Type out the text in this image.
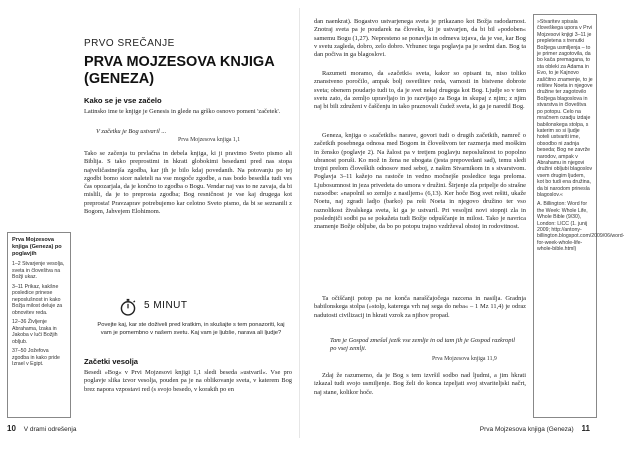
PRVO SREČANJE
PRVA MOJZESOVA KNJIGA (GENEZA)
Kako se je vse začelo

Latinsko ime te knjige je Genesis in glede na grško osnovo pomeni 'začetek'.

V začetku je Bog ustvaril ...
Prva Mojzesova knjiga 1,1

Tako se začenja tu prvlačna in debela knjiga, ki ji pravimo Sveto pismo ali Biblija. S tako preprostimi in hkrati globokimi besedami pred nas stopa najveličastnejša zgodba, kar jih je bilo kdaj povedanih. Na potovanju po tej zgodbi bomo sicer naleteli na vse mogoče zgodbe, a nas bodo besedila tudi ves čas opozarjala, da je končno to zgodba o Bogu. Vendar naj vas to ne zavaja, da bi mislili, da je to preprosta zgodba; Bog resničnost je vse kaj drugega kot preprosta! Pravzaprav potrebujemo kar celotno Sveto pismo, da bi se seznanili z Bogom, Jahvejem Elohimom.

5 MINUT
Povejte kaj, kar ste doživeli pred kratkim, in skušajte s tem ponazoriti, kaj vam je pomembno v našem svetu. Kaj vam je ljubše, narava ali ljudje?
Začetki vesolja

Besedi »Bog« v Prvi Mojzesovi knjigi 1,1 sledi beseda »ustvaril«. Vse pro poglavje slika izvor vesolja, pouden pa je na oblikovanje sveta, v katerem Bog brez napora vzpostavi red (s svojo besedo, v korakih po en

Prva Mojzesova knjiga (Geneza) po poglavjih

1–2 Stvarjenje vesolja, sveta in človeštva na Božji ukaz.

3–11 Prikaz, kakšne posledice prinese neposlušnost in kako Božja milost deluje za obnovitev reda.

12–36 Življenje Abrahama, Izaka in Jakoba v luči Božjih obljub.

37–50 Jožefova zgodba in kako pride Izrael v Egipt.

10 V drami odrešenja

dan naenkrat). Bogastvo ustvarjenega sveta je prikazano kot Božja radodarnost. Znotraj sveta pa je poudarek na človeku, ki je ustvarjen, da bi bil »podoben« samemu Bogu (1,27). Nepresteno se ponavlja in odmeva izjava, da je vse, kar Bog v svetu zagleda, dobro, zelo dobro. Vrhunec tega poglavja pa je sedmi dan. Bog ta dan počiva in ga blagoslovi.

Razumeti moramo, da »začetki« sveta, kakor so opisani tu, niso toliko znanstveno poročilo, ampak bolj osvetlitev reda, varnosti in bistvene dobrote sveta; obenem poudarjo tudi to, da je svet nekaj drugega kot Bog. Ljudje so v tem svetu zato, da zemljo upravljajo in jo razvijajo za Boga in skupaj z njim; z njim naj bi bili združeni v čaščenju in tako praznovali čudež sveta, ki ga je naredil Bog.

Geneza, knjiga o »začetkih« narave, govori tudi o drugih začetkih, namreč o začetkih posebnega odnosa med Bogom in človeštvom ter razmerja med moškim in žensko (poglavje 2). Na žalost pa v tretjem poglavju neposlušnost to popolno ubranost poruši. Ko mož in žena ne ubogata (jesta prepovedani sad), temu sledi trojni prelom človeških odnosov med seboj, z našim Stvarnikom in s stvarstvom. Poglavja 3–11 kažejo na rastoče in vedno močnejše posledice tega preloma. Ljubosumnost in jeza privedeta do umora v družini. Širjenje zla pripelje do strašne razsodbe: »napolnil so zemljo z nasiljem« (6,13). Ker hoče Bog svet rešiti, ukaže Noetu, naj zgradi ladjo (barko) pa reši Noeta in njegovo družino ter vso raznolikost živalskega sveta, ki ga je ustvaril. Pri vesoljni novi stopnji zla in poslednjiči sodbi pa se pokažeta tudi Božje odpuščanje in milost. Tako je navrica znamenje Božje obljube, da bo po potopu trajno vzdrževal obstoj in rodovitnost.

Ta očiščanji potop pa ne konča naraščajočega razcena in nasilja. Gradnja babilonskega stolpa (»stolp, katerega vrh naj sega do neba« – 1 Mz 11,4) je odraz nadutosti civilizacij in hkrati vzrok za njihov propad.

Tam je Gospod zmešal jezik vse zemlje in od tam jih je Gospod razkropil po vsej zemlji.
Prva Mojzesova knjiga 11,9

Zdaj že razumemo, da je Bog s tem izvršil sodbo nad ljudmi, a jim hkrati izkazal tudi svojo usmiljenje. Bog želi do konca izpeljati svoj stvariteljski načrt, naj stane, kolikor hoče.

Prva Mojzesova knjiga (Geneza) 11

»Stvaritev spisala človeškega upora v Prvi Mojzesovi knjigi 3–11 je prepletena s trenutki Božjega usmiljenja – to je primer zagotovila, da bo kača premagana, to sta obleki za Adama in Evo, to je Kajnovo zaščitno znamenje, to je rešitev Noeta in njegove družine ter zagotovilo Božjega blagoslova in stvarstva in človeštva po potopu. Celo na mračnem ozadju izdaje babilonskega stolpa, s katerim so si ljudje hoteli ustvariti ime, obsodbo ni zadnja beseda; Bog ne zavrže narodov, ampak v Abrahamu in njegovi družini obljubi blagoslov vsem drugim ljudem, kot bo tudi ena družina, da bi narodom prinesla blagoslov.«

A. Billington: Word for the Week: Whole Life, Whole Bible (9/30), London: LICC (1. junij 2009; http://antony-billington.blogspot.com/2009/06/word-for-week-whole-life-whole-bible.html)
